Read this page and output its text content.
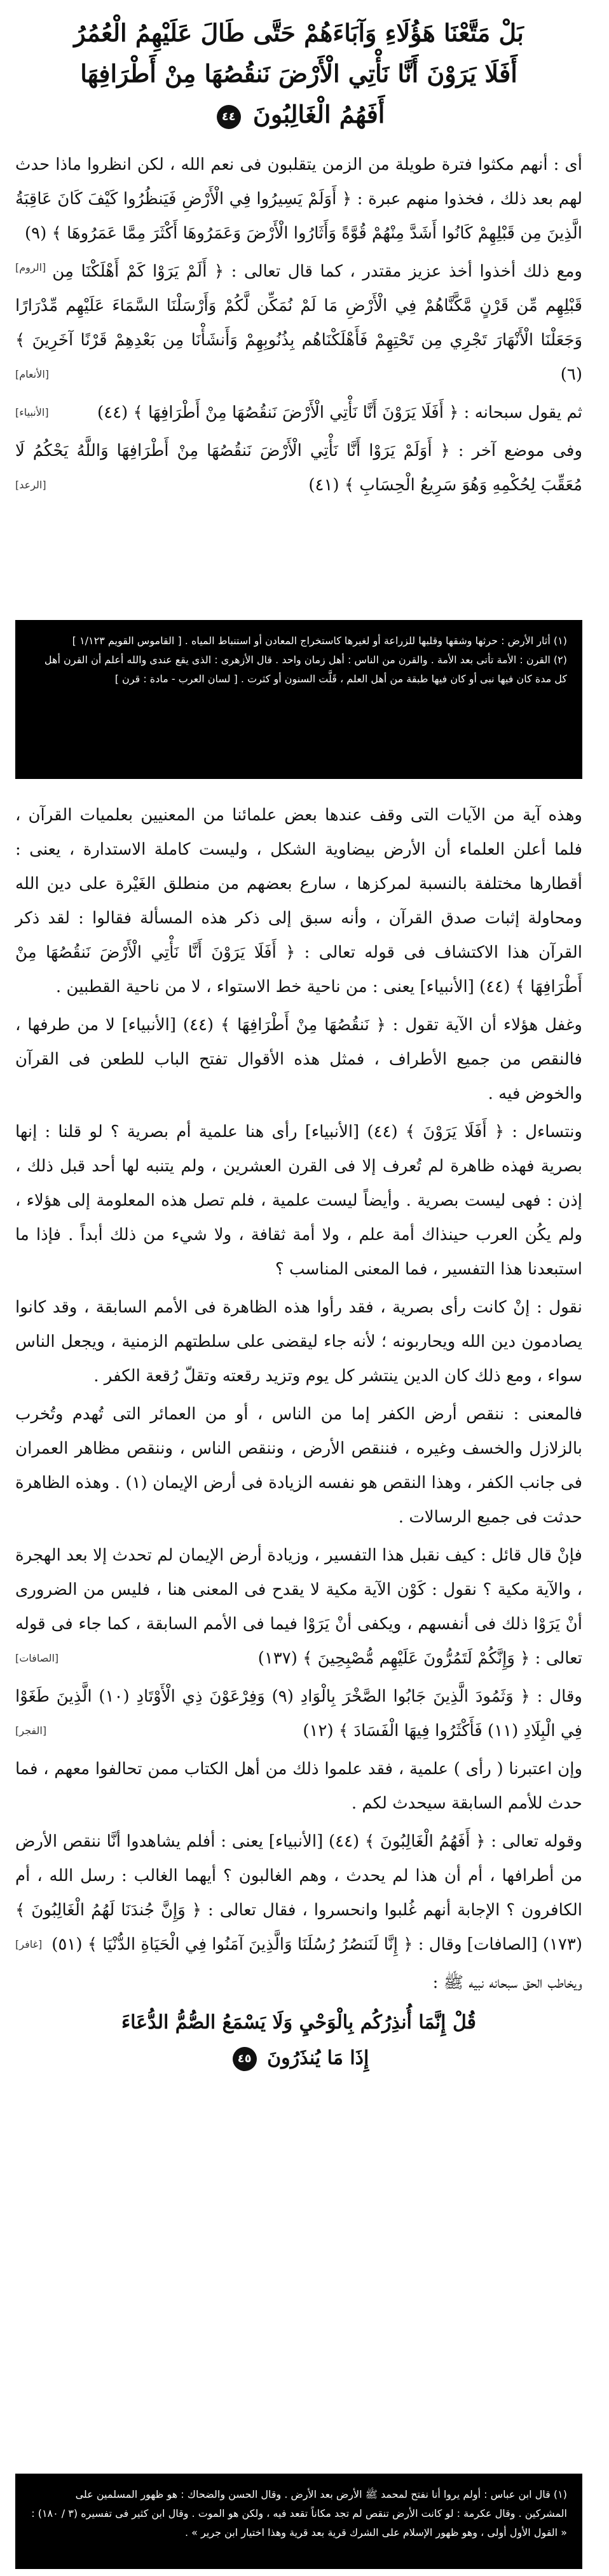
بَلْ مَتَّعْنَا هَؤُلَاءِ وَآبَاءَهُمْ حَتَّى طَالَ عَلَيْهِمُ الْعُمُرُ
أَفَلَا يَرَوْنَ أَنَّا نَأْتِي الْأَرْضَ نَنقُصُهَا مِنْ أَطْرَافِهَا
أَفَهُمُ الْغَالِبُونَ ٤٤

أى : أنهم مكثوا فترة طويلة من الزمن يتقلبون فى نعم الله ، لكن انظروا ماذا حدث لهم بعد ذلك ، فخذوا منهم عبرة : ﴿ أَوَلَمْ يَسِيرُوا فِي الْأَرْضِ فَيَنظُرُوا كَيْفَ كَانَ عَاقِبَةُ الَّذِينَ مِن قَبْلِهِمْ كَانُوا أَشَدَّ مِنْهُمْ قُوَّةً وَأَثَارُوا الْأَرْضَ وَعَمَرُوهَا أَكْثَرَ مِمَّا عَمَرُوهَا ﴾ (٩)
[الروم] ومع ذلك أخذوا أخذ عزيز مقتدر ، كما قال تعالى : ﴿ أَلَمْ يَرَوْا كَمْ أَهْلَكْنَا مِن قَبْلِهِم مِّن قَرْنٍ مَّكَّنَّاهُمْ فِي الْأَرْضِ مَا لَمْ نُمَكِّن لَّكُمْ وَأَرْسَلْنَا السَّمَاءَ عَلَيْهِم مِّدْرَارًا وَجَعَلْنَا الْأَنْهَارَ تَجْرِي مِن تَحْتِهِمْ فَأَهْلَكْنَاهُم بِذُنُوبِهِمْ وَأَنشَأْنَا مِن بَعْدِهِمْ قَرْنًا آخَرِينَ ﴾ (٦)
[الأنعام]

ثم يقول سبحانه : ﴿ أَفَلَا يَرَوْنَ أَنَّا نَأْتِي الْأَرْضَ نَنقُصُهَا مِنْ أَطْرَافِهَا ﴾ (٤٤)
[الأنبياء]

وفى موضع آخر : ﴿ أَوَلَمْ يَرَوْا أَنَّا نَأْتِي الْأَرْضَ نَنقُصُهَا مِنْ أَطْرَافِهَا وَاللَّهُ يَحْكُمُ لَا مُعَقِّبَ لِحُكْمِهِ وَهُوَ سَرِيعُ الْحِسَابِ ﴾ (٤١)
[الرعد]

(١) أثار الأرض : حرثها وشقها وقلبها للزراعة أو لغيرها كاستخراج المعادن أو استنباط المياه . [ القاموس القويم ١/١٢٣ ]

(٢) القرن : الأمة تأتى بعد الأمة . والقرن من الناس : أهل زمان واحد . قال الأزهرى : الذى يقع عندى والله أعلم أن القرن أهل كل مدة كان فيها نبى أو كان فيها طبقة من أهل العلم ، قَلَّت السنون أو كثرت . [ لسان العرب - مادة : قرن ]

وهذه آية من الآيات التى وقف عندها بعض علمائنا من المعنيين بعلميات القرآن ، فلما أعلن العلماء أن الأرض بيضاوية الشكل ، وليست كاملة الاستدارة ، يعنى : أقطارها مختلفة بالنسبة لمركزها ، سارع بعضهم من منطلق الغَيْرة على دين الله ومحاولة إثبات صدق القرآن ، وأنه سبق إلى ذكر هذه المسألة فقالوا : لقد ذكر القرآن هذا الاكتشاف فى قوله تعالى : ﴿ أَفَلَا يَرَوْنَ أَنَّا نَأْتِي الْأَرْضَ نَنقُصُهَا مِنْ أَطْرَافِهَا ﴾ (٤٤) [الأنبياء] يعنى : من ناحية خط الاستواء ، لا من ناحية القطبين .

وغفل هؤلاء أن الآية تقول : ﴿ نَنقُصُهَا مِنْ أَطْرَافِهَا ﴾ (٤٤) [الأنبياء] لا من طرفها ، فالنقص من جميع الأطراف ، فمثل هذه الأقوال تفتح الباب للطعن فى القرآن والخوض فيه .

ونتساءل : ﴿ أَفَلَا يَرَوْنَ ﴾ (٤٤) [الأنبياء] رأى هنا علمية أم بصرية ؟ لو قلنا : إنها بصرية فهذه ظاهرة لم تُعرف إلا فى القرن العشرين ، ولم يتنبه لها أحد قبل ذلك ، إذن : فهى ليست بصرية . وأيضاً ليست علمية ، فلم تصل هذه المعلومة إلى هؤلاء ، ولم يكُن العرب حينذاك أمة علم ، ولا أمة ثقافة ، ولا شيء من ذلك أبداً . فإذا ما استبعدنا هذا التفسير ، فما المعنى المناسب ؟

نقول : إنْ كانت رأى بصرية ، فقد رأوا هذه الظاهرة فى الأمم السابقة ، وقد كانوا يصادمون دين الله ويحاربونه ؛ لأنه جاء ليقضى على سلطتهم الزمنية ، ويجعل الناس سواء ، ومع ذلك كان الدين ينتشر كل يوم وتزيد رقعته وتقلّ رُقعة الكفر .

فالمعنى : ننقص أرض الكفر إما من الناس ، أو من العمائر التى تُهدم وتُخرب بالزلازل والخسف وغيره ، فننقص الأرض ، وننقص الناس ، وننقص مظاهر العمران فى جانب الكفر ، وهذا النقص هو نفسه الزيادة فى أرض الإيمان (١) . وهذه الظاهرة حدثت فى جميع الرسالات .

فإنْ قال قائل : كيف نقبل هذا التفسير ، وزيادة أرض الإيمان لم تحدث إلا بعد الهجرة ، والآية مكية ؟ نقول : كَوْن الآية مكية لا يقدح فى المعنى هنا ، فليس من الضرورى أنْ يَرَوْا ذلك فى أنفسهم ، ويكفى أنْ يَرَوْا فيما فى الأمم السابقة ، كما جاء فى قوله تعالى : ﴿ وَإِنَّكُمْ لَتَمُرُّونَ عَلَيْهِم مُّصْبِحِينَ ﴾ (١٣٧)
[الصافات]

وقال : ﴿ وَثَمُودَ الَّذِينَ جَابُوا الصَّخْرَ بِالْوَادِ (٩) وَفِرْعَوْنَ ذِي الْأَوْتَادِ (١٠) الَّذِينَ طَغَوْا فِي الْبِلَادِ (١١) فَأَكْثَرُوا فِيهَا الْفَسَادَ ﴾ (١٢)
[الفجر]

وإن اعتبرنا ( رأى ) علمية ، فقد علموا ذلك من أهل الكتاب ممن تحالفوا معهم ، فما حدث للأمم السابقة سيحدث لكم .

وقوله تعالى : ﴿ أَفَهُمُ الْغَالِبُونَ ﴾ (٤٤) [الأنبياء] يعنى : أفلم يشاهدوا أنَّا ننقص الأرض من أطرافها ، أم أن هذا لم يحدث ، وهم الغالبون ؟ أيهما الغالب : رسل الله ، أم الكافرون ؟ الإجابة أنهم غُلبوا وانحسروا ، فقال تعالى : ﴿ وَإِنَّ جُندَنَا لَهُمُ الْغَالِبُونَ ﴾ (١٧٣) [الصافات] وقال : ﴿ إِنَّا لَنَنصُرُ رُسُلَنَا وَالَّذِينَ آمَنُوا فِي الْحَيَاةِ الدُّنْيَا ﴾ (٥١)
[غافر]

ويخاطب الحق سبحانه نبيه ﷺ :

قُلْ إِنَّمَا أُنذِرُكُم بِالْوَحْيِ وَلَا يَسْمَعُ الصُّمُّ الدُّعَاءَ
إِذَا مَا يُنذَرُونَ ٤٥

(١) قال ابن عباس : أولم يروا أنا نفتح لمحمد ﷺ الأرض بعد الأرض . وقال الحسن والضحاك : هو ظهور المسلمين على المشركين . وقال عكرمة : لو كانت الأرض تنقص لم تجد مكاناً تقعد فيه ، ولكن هو الموت . وقال ابن كثير فى تفسيره (٣ / ١٨٠) : « القول الأول أولى ، وهو ظهور الإسلام على الشرك قرية بعد قرية وهذا اختيار ابن جرير » .
